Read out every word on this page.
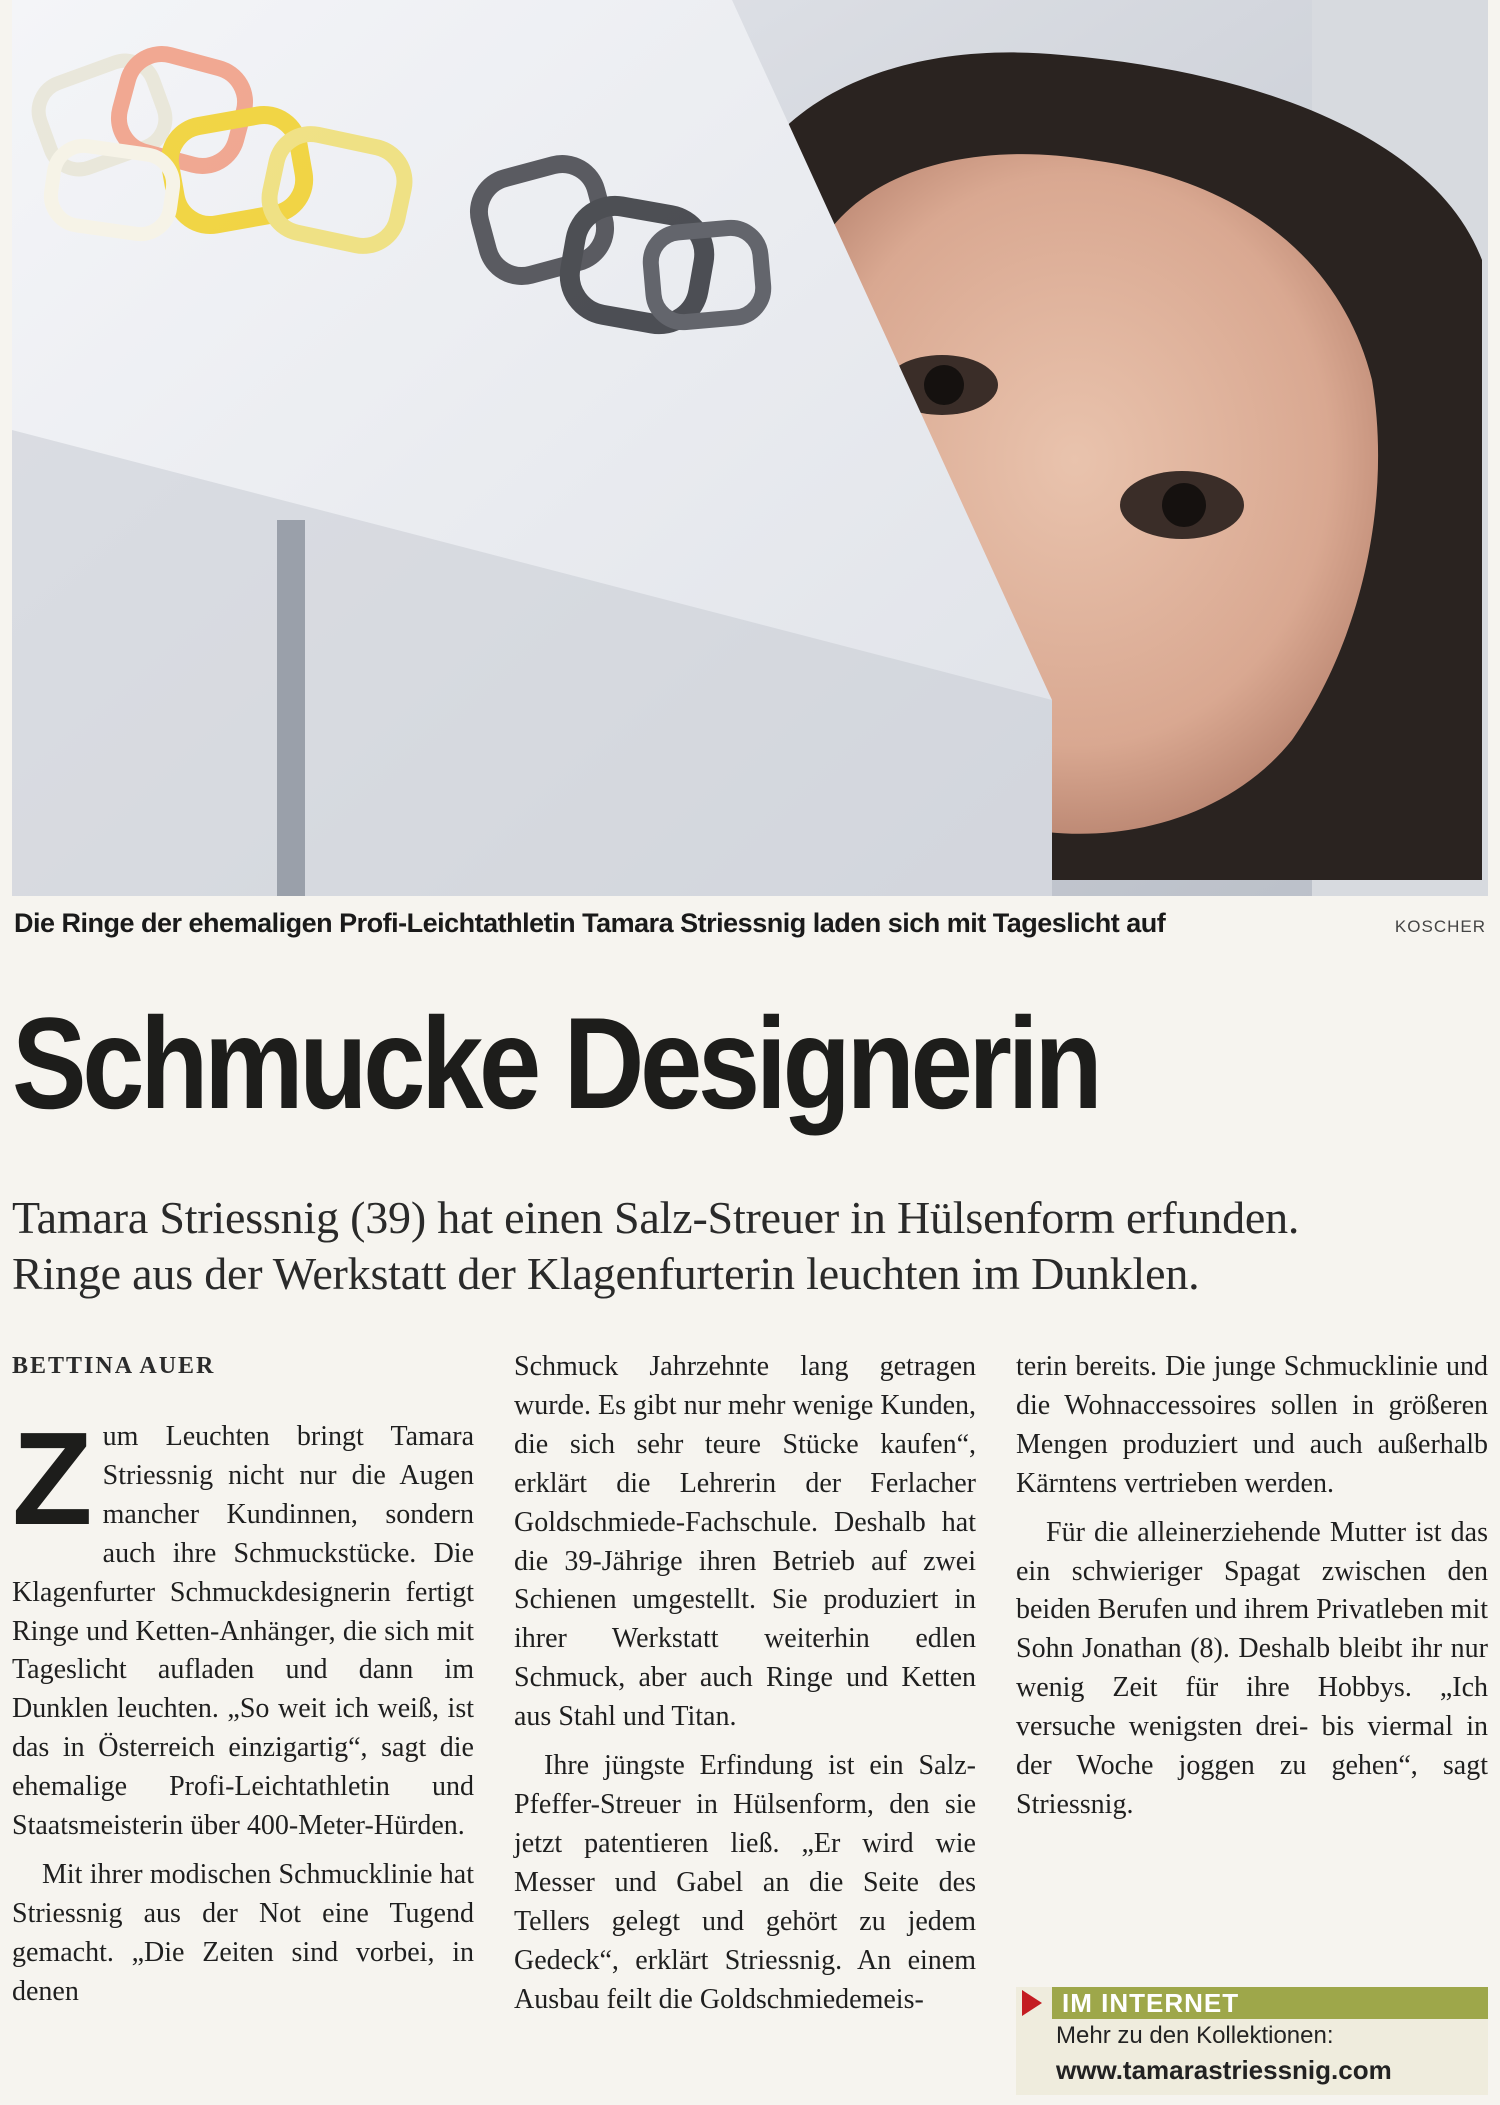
Die Ringe der ehemaligen Profi-Leichtathletin Tamara Striessnig laden sich mit Tageslicht auf	KOSCHER
Schmucke Designerin
Tamara Striessnig (39) hat einen Salz-Streuer in Hülsenform erfunden.
Ringe aus der Werkstatt der Klagenfurterin leuchten im Dunklen.
BETTINA AUER

Zum Leuchten bringt Tamara Striessnig nicht nur die Augen mancher Kundinnen, sondern auch ihre Schmuckstücke. Die Klagenfurter Schmuckdesignerin fertigt Ringe und Ketten-Anhänger, die sich mit Tageslicht aufladen und dann im Dunklen leuchten. „So weit ich weiß, ist das in Österreich einzigartig“, sagt die ehemalige Profi-Leichtathletin und Staatsmeisterin über 400-Meter-Hürden.

Mit ihrer modischen Schmucklinie hat Striessnig aus der Not eine Tugend gemacht. „Die Zeiten sind vorbei, in denen

Schmuck Jahrzehnte lang getragen wurde. Es gibt nur mehr wenige Kunden, die sich sehr teure Stücke kaufen“, erklärt die Lehrerin der Ferlacher Goldschmiede-Fachschule. Deshalb hat die 39-Jährige ihren Betrieb auf zwei Schienen umgestellt. Sie produziert in ihrer Werkstatt weiterhin edlen Schmuck, aber auch Ringe und Ketten aus Stahl und Titan.

Ihre jüngste Erfindung ist ein Salz-Pfeffer-Streuer in Hülsenform, den sie jetzt patentieren ließ. „Er wird wie Messer und Gabel an die Seite des Tellers gelegt und gehört zu jedem Gedeck“, erklärt Striessnig. An einem Ausbau feilt die Goldschmiedemeis-

terin bereits. Die junge Schmucklinie und die Wohnaccessoires sollen in größeren Mengen produziert und auch außerhalb Kärntens vertrieben werden.

Für die alleinerziehende Mutter ist das ein schwieriger Spagat zwischen den beiden Berufen und ihrem Privatleben mit Sohn Jonathan (8). Deshalb bleibt ihr nur wenig Zeit für ihre Hobbys. „Ich versuche wenigsten drei- bis viermal in der Woche joggen zu gehen“, sagt Striessnig.

IM INTERNET
Mehr zu den Kollektionen:
www.tamarastriessnig.com
